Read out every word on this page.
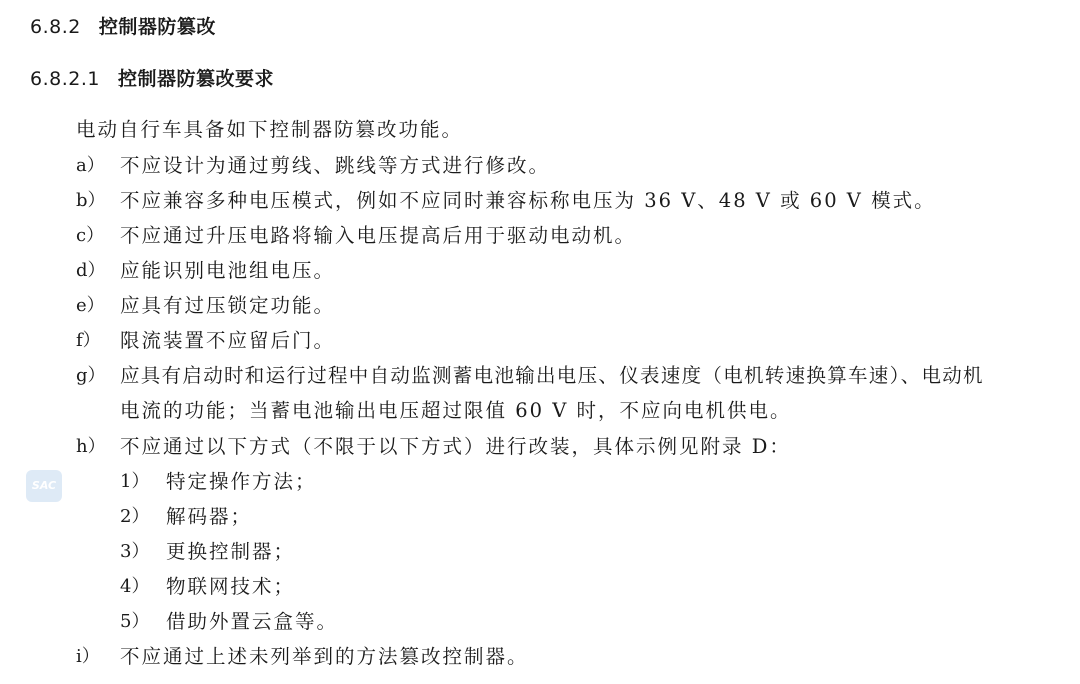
6.8.2 控制器防篡改
6.8.2.1 控制器防篡改要求
电动自行车具备如下控制器防篡改功能。
a） 不应设计为通过剪线、跳线等方式进行修改。
b） 不应兼容多种电压模式，例如不应同时兼容标称电压为 36 V、48 V 或 60 V 模式。
c） 不应通过升压电路将输入电压提高后用于驱动电动机。
d） 应能识别电池组电压。
e） 应具有过压锁定功能。
f） 限流装置不应留后门。
g） 应具有启动时和运行过程中自动监测蓄电池输出电压、仪表速度（电机转速换算车速）、电动机
电流的功能；当蓄电池输出电压超过限值 60 V 时，不应向电机供电。
h） 不应通过以下方式（不限于以下方式）进行改装，具体示例见附录 D：
1） 特定操作方法；
2） 解码器；
3） 更换控制器；
4） 物联网技术；
5） 借助外置云盒等。
i） 不应通过上述未列举到的方法篡改控制器。
SAC
